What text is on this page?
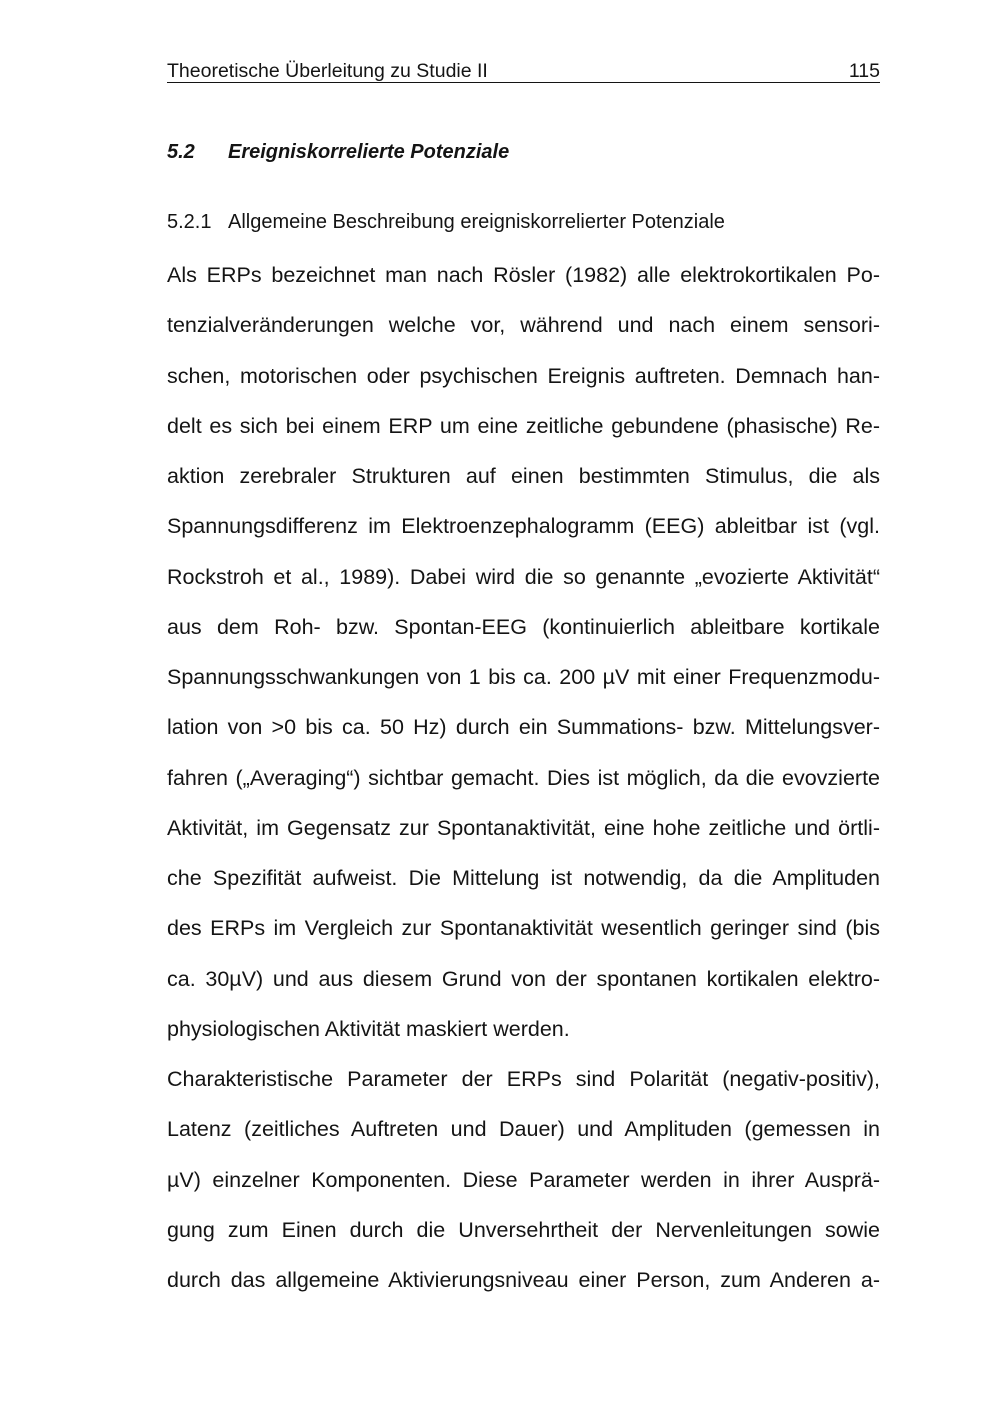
Theoretische Überleitung zu Studie II	115
5.2 Ereigniskorrelierte Potenziale
5.2.1 Allgemeine Beschreibung ereigniskorrelierter Potenziale
Als ERPs bezeichnet man nach Rösler (1982) alle elektrokortikalen Po-
tenzialveränderungen welche vor, während und nach einem sensori-
schen, motorischen oder psychischen Ereignis auftreten. Demnach han-
delt es sich bei einem ERP um eine zeitliche gebundene (phasische) Re-
aktion zerebraler Strukturen auf einen bestimmten Stimulus, die als
Spannungsdifferenz im Elektroenzephalogramm (EEG) ableitbar ist (vgl.
Rockstroh et al., 1989). Dabei wird die so genannte „evozierte Aktivität“
aus dem Roh- bzw. Spontan-EEG (kontinuierlich ableitbare kortikale
Spannungsschwankungen von 1 bis ca. 200 µV mit einer Frequenzmodu-
lation von >0 bis ca. 50 Hz) durch ein Summations- bzw. Mittelungsver-
fahren („Averaging“) sichtbar gemacht. Dies ist möglich, da die evovzierte
Aktivität, im Gegensatz zur Spontanaktivität, eine hohe zeitliche und örtli-
che Spezifität aufweist. Die Mittelung ist notwendig, da die Amplituden
des ERPs im Vergleich zur Spontanaktivität wesentlich geringer sind (bis
ca. 30µV) und aus diesem Grund von der spontanen kortikalen elektro-
physiologischen Aktivität maskiert werden.
Charakteristische Parameter der ERPs sind Polarität (negativ-positiv),
Latenz (zeitliches Auftreten und Dauer) und Amplituden (gemessen in
µV) einzelner Komponenten. Diese Parameter werden in ihrer Ausprä-
gung zum Einen durch die Unversehrtheit der Nervenleitungen sowie
durch das allgemeine Aktivierungsniveau einer Person, zum Anderen a-
